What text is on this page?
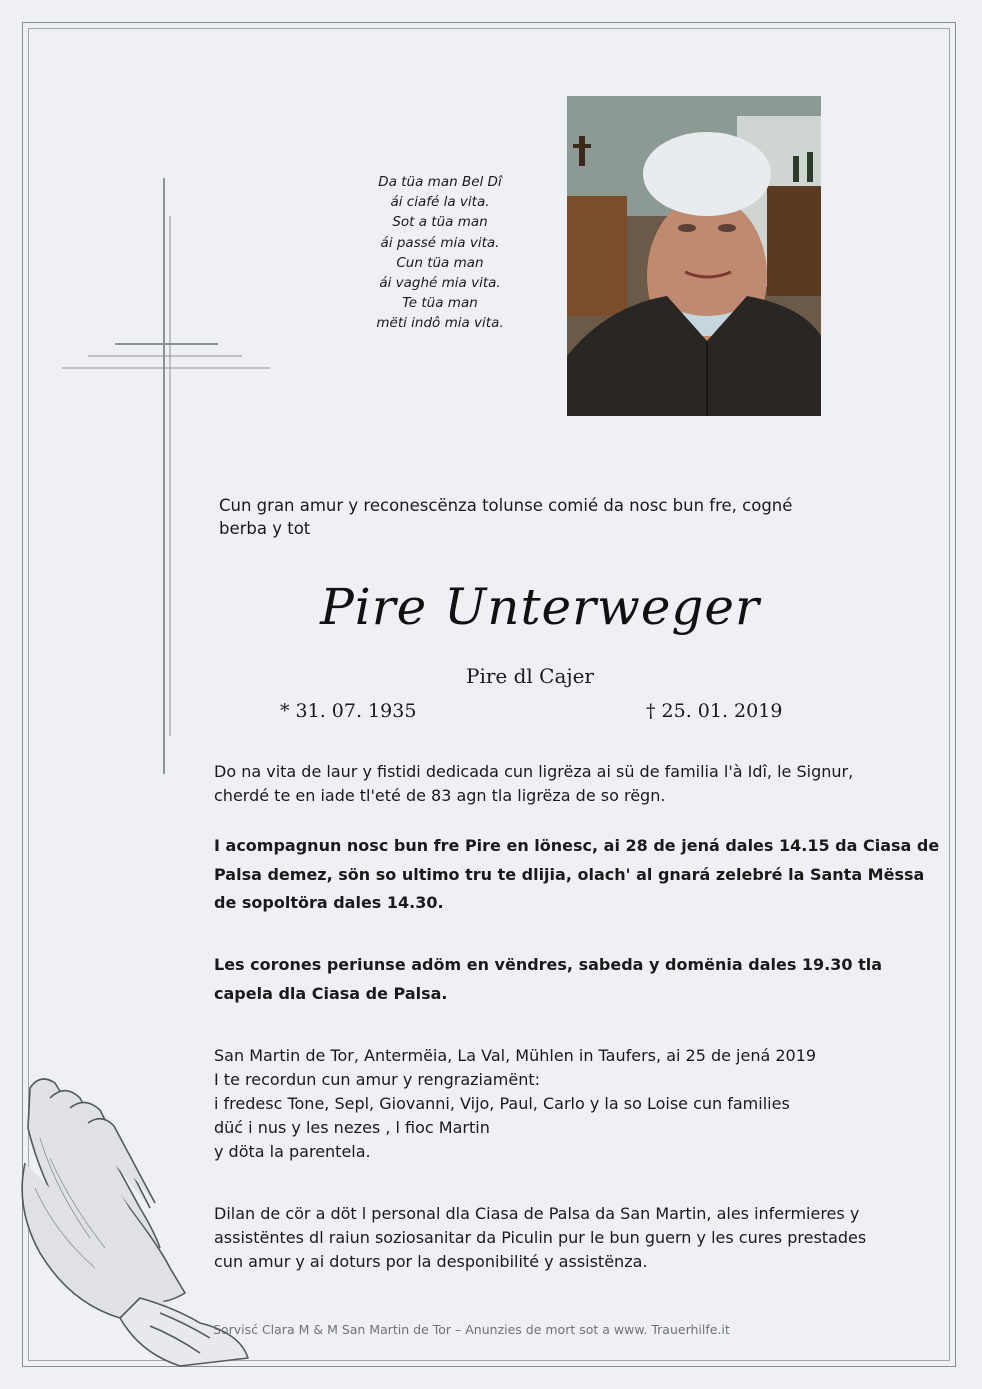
Da tüa man Bel Dî
ái ciafé la vita.
Sot a tüa man
ái passé mia vita.
Cun tüa man
ái vaghé mia vita.
Te tüa man
mëti indô mia vita.
Cun gran amur y reconescënza tolunse comié da nosc bun fre, cogné
berba y tot
Pire Unterweger
Pire dl Cajer
* 31. 07. 1935	† 25. 01. 2019
Do na vita de laur y fistidi dedicada cun ligrëza ai sü de familia l'à Idî, le Signur,
cherdé te en iade tl'eté de 83 agn tla ligrëza de so rëgn.
I acompagnun nosc bun fre Pire en lönesc, ai 28 de jená dales 14.15 da Ciasa de
Palsa demez, sön so ultimo tru te dlijia, olach' al gnará zelebré la Santa Mëssa
de sopoltöra dales 14.30.
Les corones periunse adöm en vëndres, sabeda y domënia dales 19.30 tla
capela dla Ciasa de Palsa.
San Martin de Tor, Antermëia, La Val, Mühlen in Taufers, ai 25 de jená 2019
I te recordun cun amur y rengraziamënt:
i fredesc Tone, Sepl, Giovanni, Vijo, Paul, Carlo y la so Loise cun families
düć i nus y les nezes , l fioc Martin
y döta la parentela.
Dilan de cör a döt l personal dla Ciasa de Palsa da San Martin, ales infermieres y
assistëntes dl raiun soziosanitar da Piculin pur le bun guern y les cures prestades
cun amur y ai doturs por la desponibilité y assistënza.
Sorvisć Clara M & M San Martin de Tor – Anunzies de mort sot a www. Trauerhilfe.it
